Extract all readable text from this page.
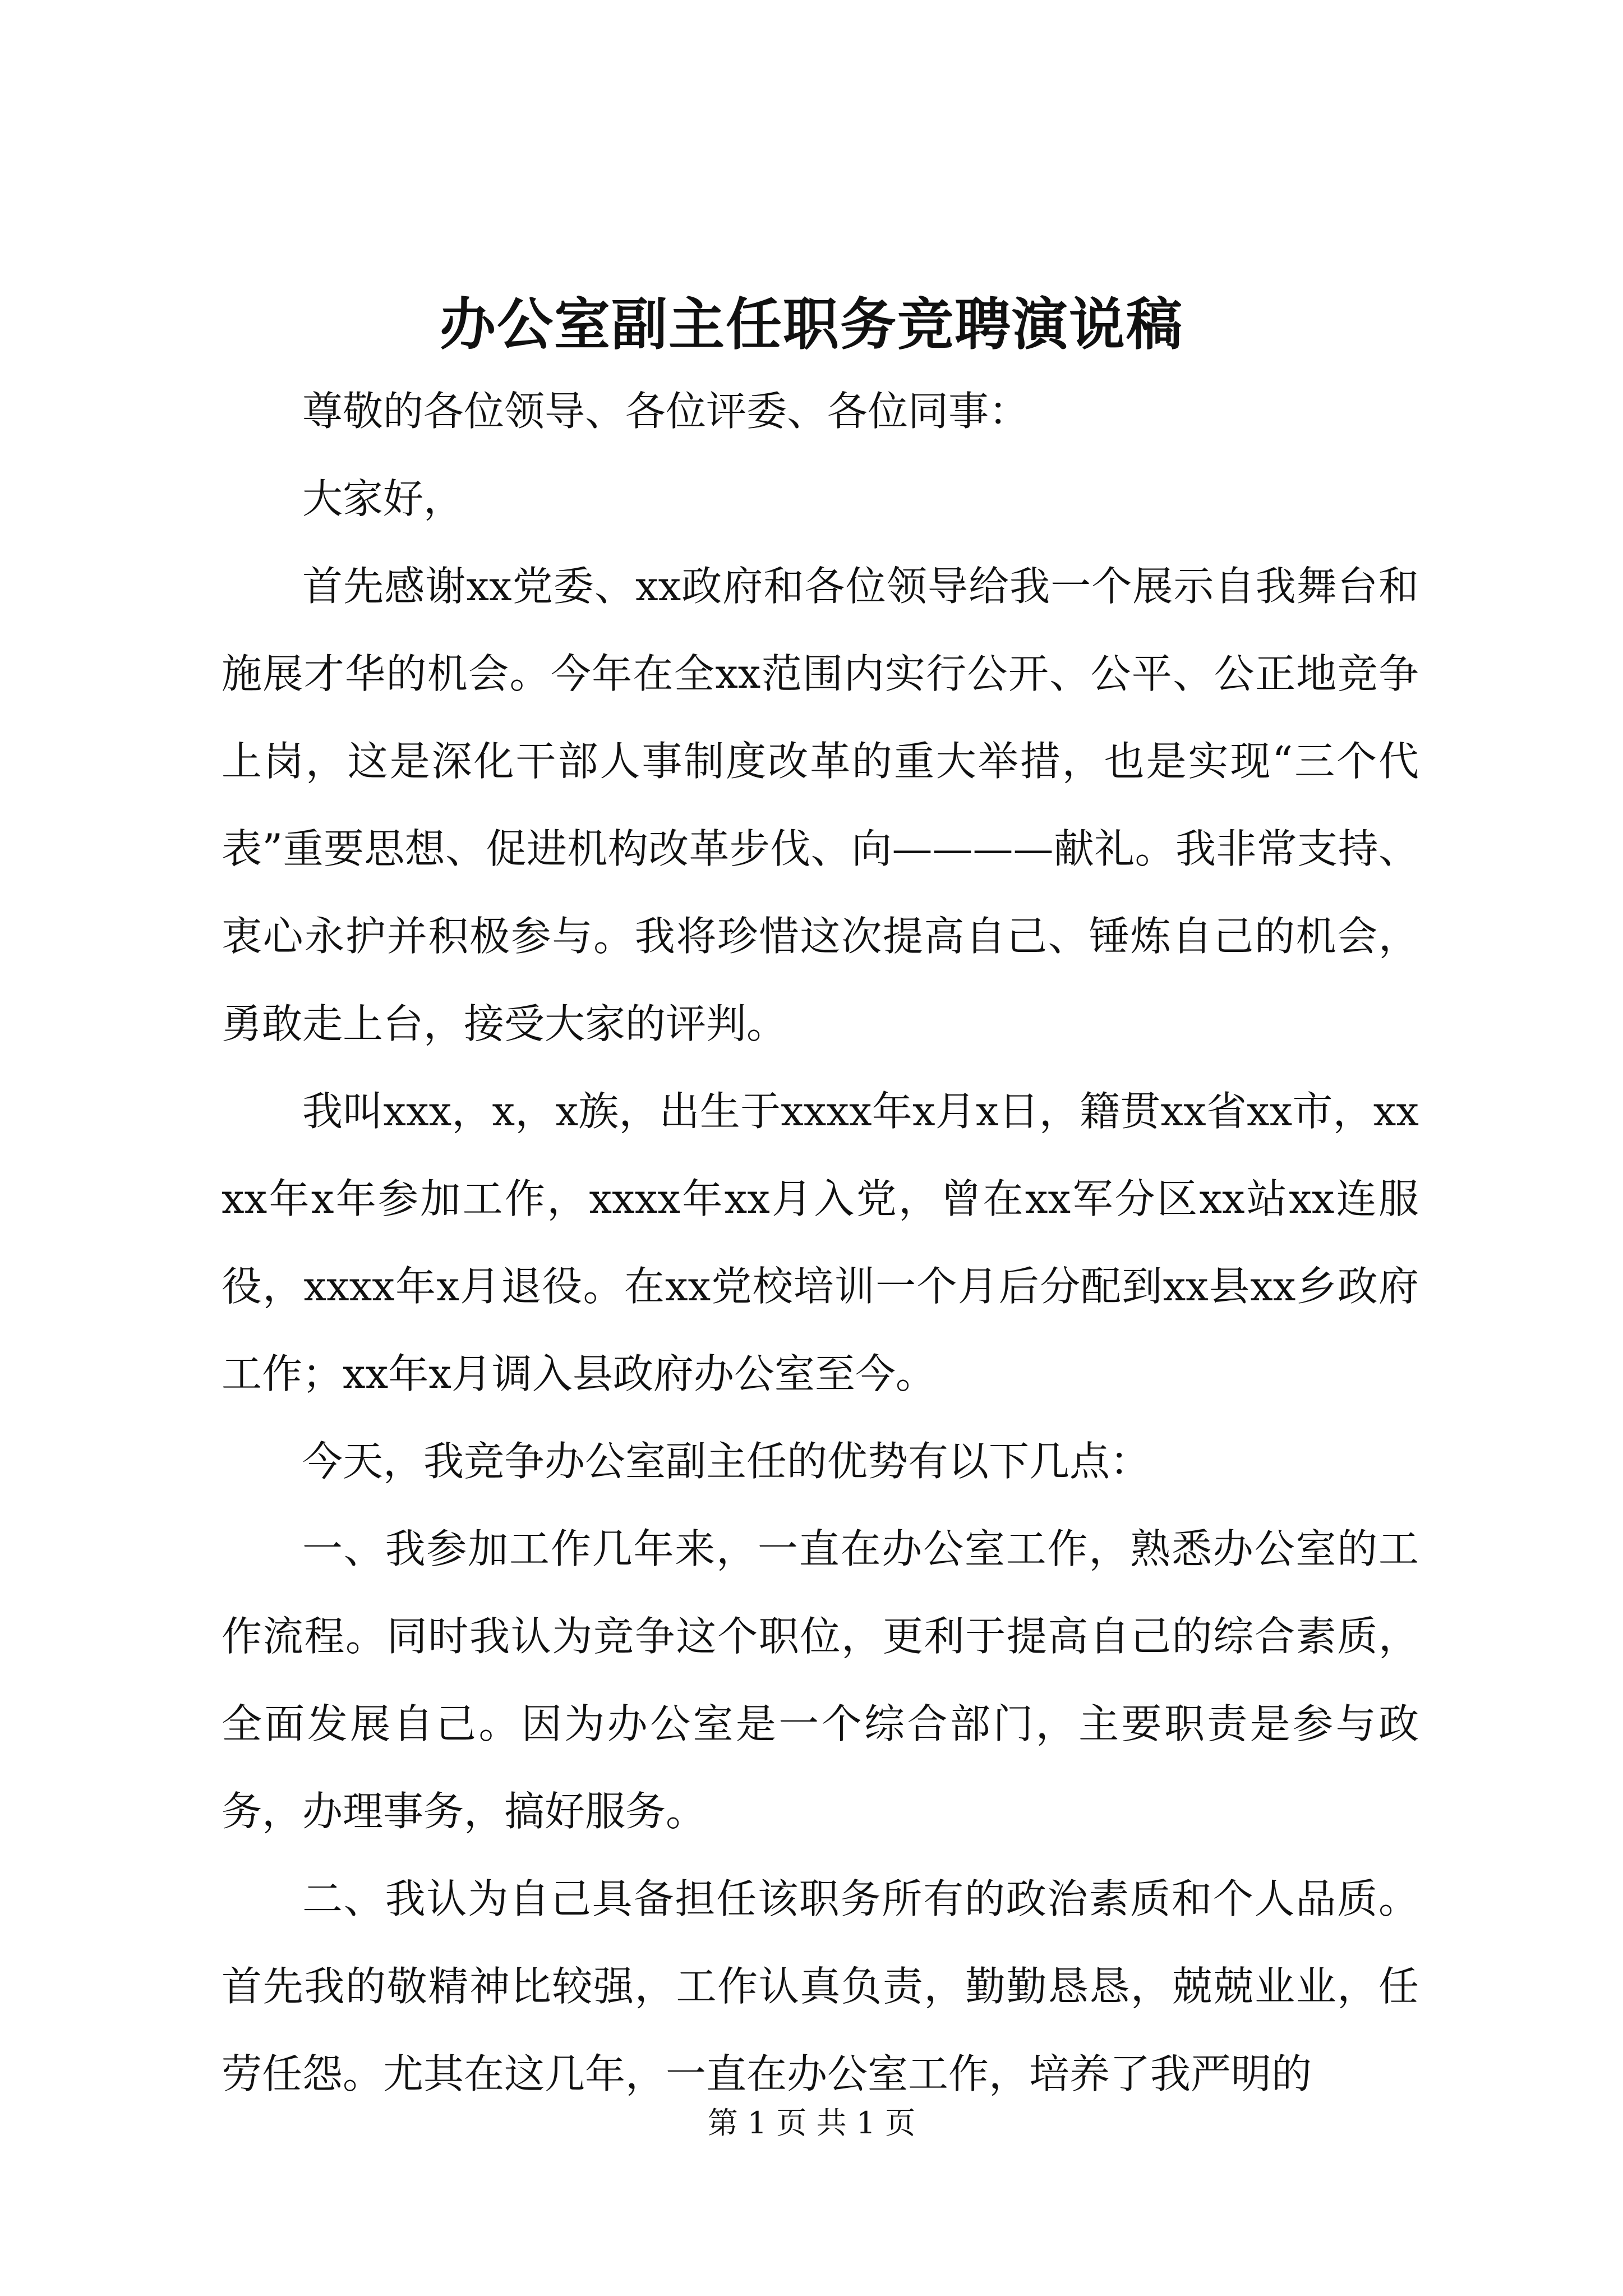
办公室副主任职务竞聘演说稿

尊敬的各位领导、各位评委、各位同事：

大家好，

首先感谢xx党委、xx政府和各位领导给我一个展示自我舞台和施展才华的机会。今年在全xx范围内实行公开、公平、公正地竞争上岗，这是深化干部人事制度改革的重大举措，也是实现“三个代表”重要思想、促进机构改革步伐、向————献礼。我非常支持、衷心永护并积极参与。我将珍惜这次提高自己、锤炼自己的机会，勇敢走上台，接受大家的评判。

我叫xxx，x，x族，出生于xxxx年x月x日，籍贯xx省xx市，xxxx年x年参加工作，xxxx年xx月入党，曾在xx军分区xx站xx连服役，xxxx年x月退役。在xx党校培训一个月后分配到xx县xx乡政府工作；xx年x月调入县政府办公室至今。

今天，我竞争办公室副主任的优势有以下几点：

一、我参加工作几年来，一直在办公室工作，熟悉办公室的工作流程。同时我认为竞争这个职位，更利于提高自己的综合素质，全面发展自己。因为办公室是一个综合部门，主要职责是参与政务，办理事务，搞好服务。

二、我认为自己具备担任该职务所有的政治素质和个人品质。首先我的敬精神比较强，工作认真负责，勤勤恳恳，兢兢业业，任劳任怨。尤其在这几年，一直在办公室工作，培养了我严明的

第 1 页 共 1 页
